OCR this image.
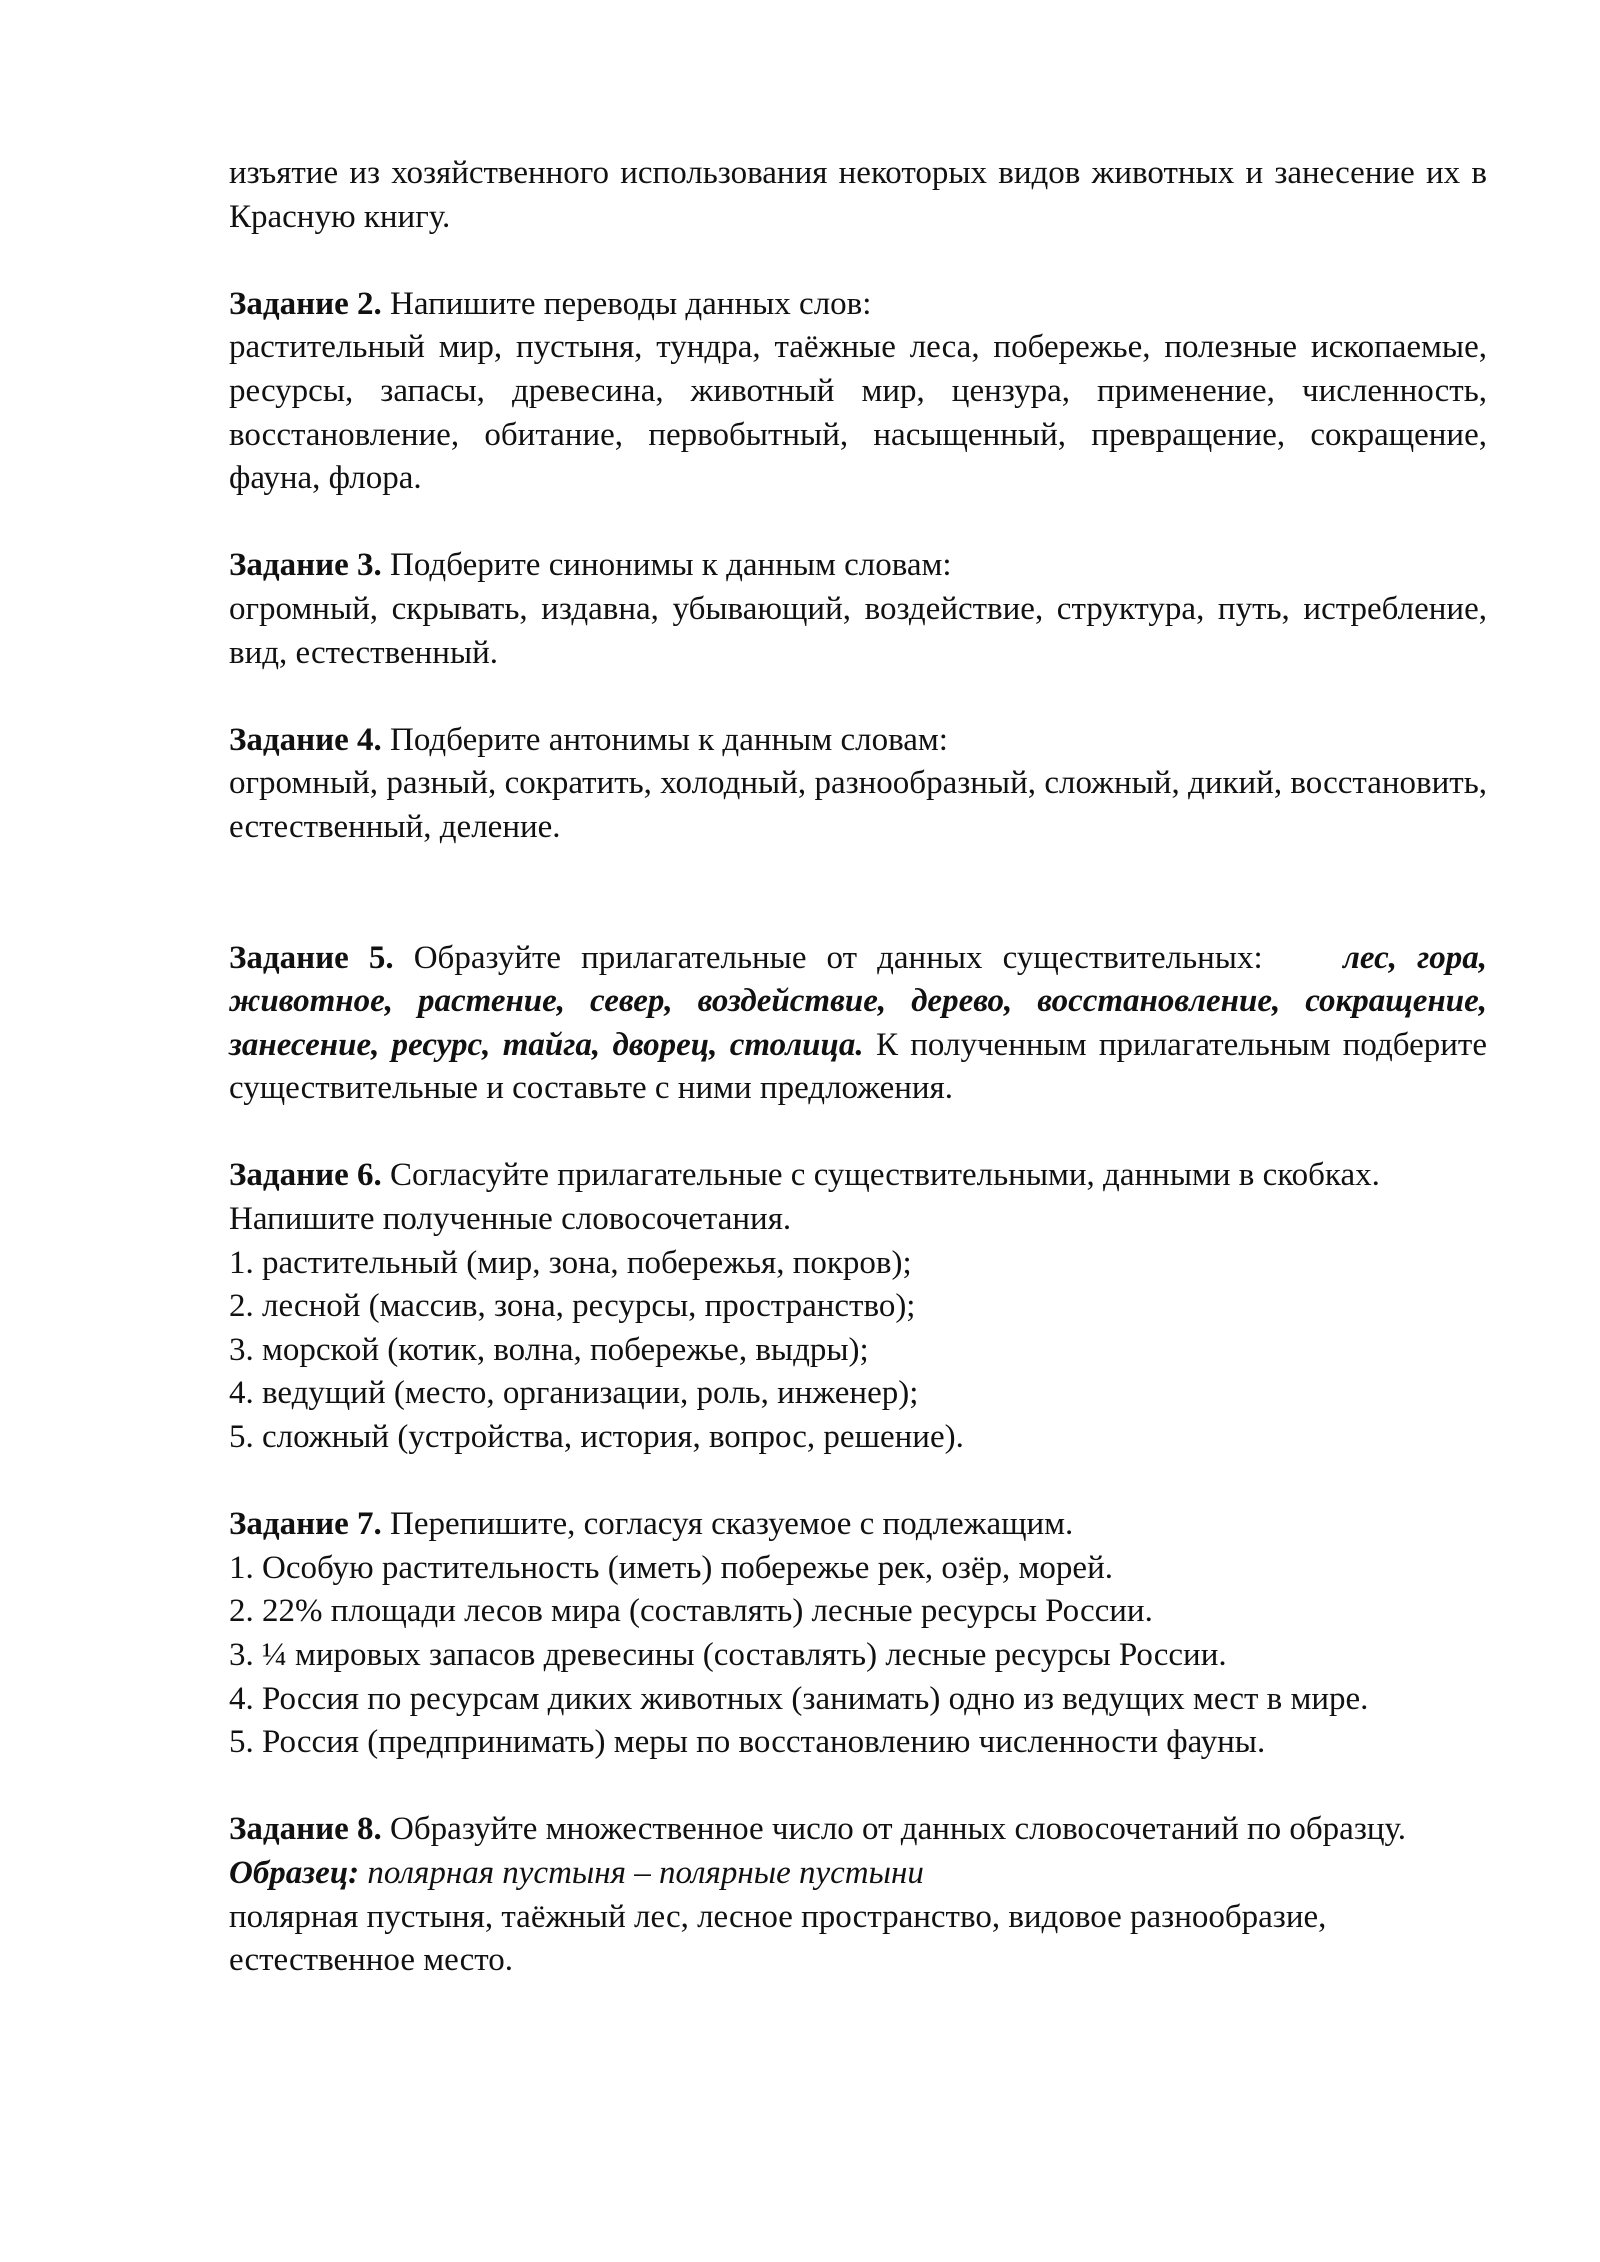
изъятие из хозяйственного использования некоторых видов животных и занесение их в Красную книгу.

Задание 2. Напишите переводы данных слов:
растительный мир, пустыня, тундра, таёжные леса, побережье, полезные ископаемые, ресурсы, запасы, древесина, животный мир, цензура, применение, численность, восстановление, обитание, первобытный, насыщенный, превращение, сокращение, фауна, флора.
Задание 3. Подберите синонимы к данным словам:
огромный, скрывать, издавна, убывающий, воздействие, структура, путь, истребление, вид, естественный.
Задание 4. Подберите антонимы к данным словам:
огромный, разный, сократить, холодный, разнообразный, сложный, дикий, восстановить, естественный, деление.

Задание 5. Образуйте прилагательные от данных существительных: лес, гора, животное, растение, север, воздействие, дерево, восстановление, сокращение, занесение, ресурс, тайга, дворец, столица. К полученным прилагательным подберите существительные и составьте с ними предложения.

Задание 6. Согласуйте прилагательные с существительными, данными в скобках. Напишите полученные словосочетания.
1. растительный (мир, зона, побережья, покров);
2. лесной (массив, зона, ресурсы, пространство);
3. морской (котик, волна, побережье, выдры);
4. ведущий (место, организации, роль, инженер);
5. сложный (устройства, история, вопрос, решение).
Задание 7. Перепишите, согласуя сказуемое с подлежащим.
1. Особую растительность (иметь) побережье рек, озёр, морей.
2. 22% площади лесов мира (составлять) лесные ресурсы России.
3. ¼ мировых запасов древесины (составлять) лесные ресурсы России.
4. Россия по ресурсам диких животных (занимать) одно из ведущих мест в мире.
5. Россия (предпринимать) меры по восстановлению численности фауны.
Задание 8. Образуйте множественное число от данных словосочетаний по образцу.
Образец: полярная пустыня – полярные пустыни
полярная пустыня, таёжный лес, лесное пространство, видовое разнообразие, естественное место.
